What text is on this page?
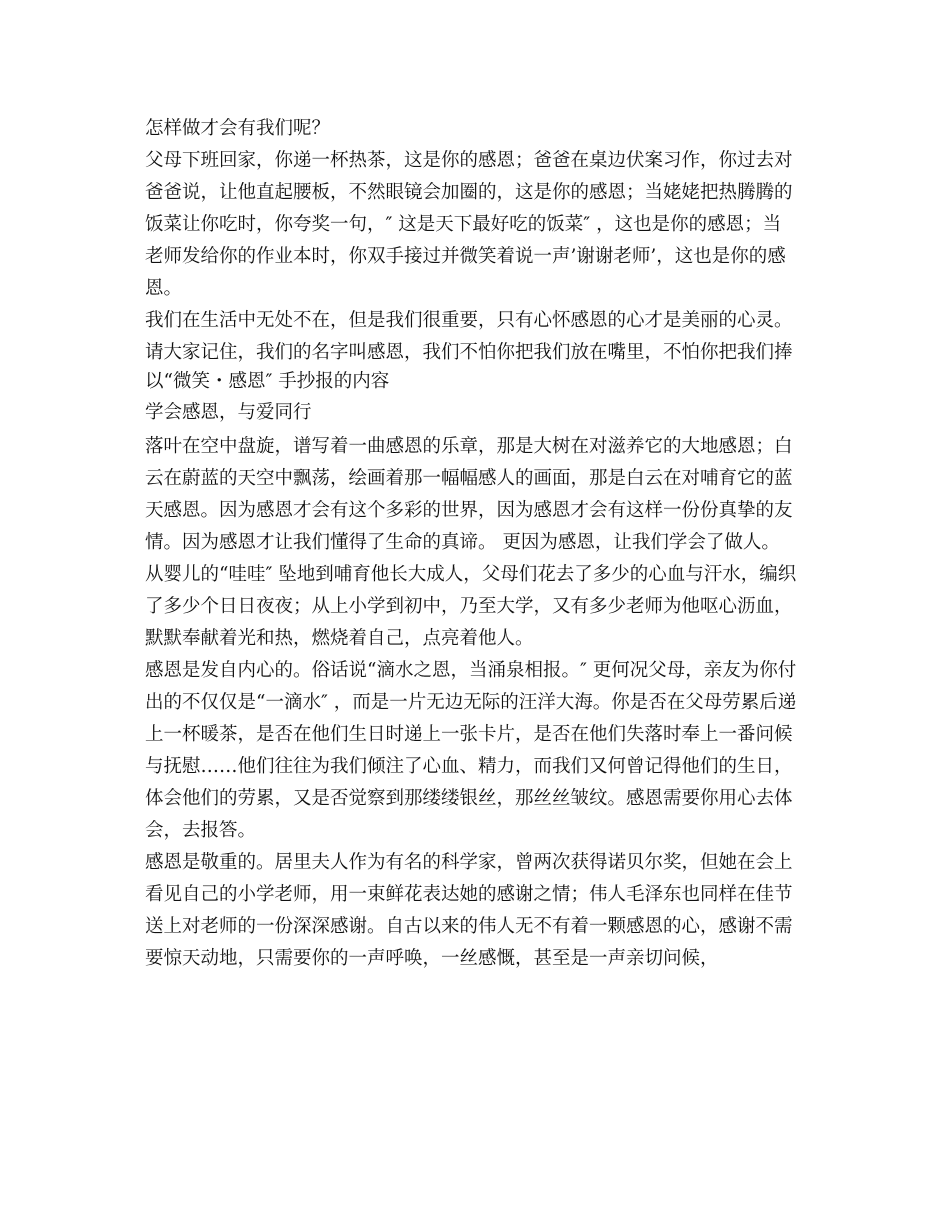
怎样做才会有我们呢？
父母下班回家，你递一杯热茶，这是你的感恩；爸爸在桌边伏案习作，你过去对
爸爸说，让他直起腰板，不然眼镜会加圈的，这是你的感恩；当姥姥把热腾腾的
饭菜让你吃时，你夸奖一句，″ 这是天下最好吃的饭菜″ ，这也是你的感恩；当
老师发给你的作业本时，你双手接过并微笑着说一声’谢谢老师’，这也是你的感
恩。
我们在生活中无处不在，但是我们很重要，只有心怀感恩的心才是美丽的心灵。
请大家记住，我们的名字叫感恩，我们不怕你把我们放在嘴里，不怕你把我们捧
以“微笑・感恩″ 手抄报的内容
学会感恩，与爱同行
落叶在空中盘旋，谱写着一曲感恩的乐章，那是大树在对滋养它的大地感恩；白
云在蔚蓝的天空中飘荡，绘画着那一幅幅感人的画面，那是白云在对哺育它的蓝
天感恩。因为感恩才会有这个多彩的世界，因为感恩才会有这样一份份真挚的友
情。因为感恩才让我们懂得了生命的真谛。 更因为感恩，让我们学会了做人。
从婴儿的“哇哇″ 坠地到哺育他长大成人，父母们花去了多少的心血与汗水，编织
了多少个日日夜夜；从上小学到初中，乃至大学，又有多少老师为他呕心沥血，
默默奉献着光和热，燃烧着自己，点亮着他人。
感恩是发自内心的。俗话说“滴水之恩，当涌泉相报。″ 更何况父母，亲友为你付
出的不仅仅是“一滴水″ ，而是一片无边无际的汪洋大海。你是否在父母劳累后递
上一杯暖茶，是否在他们生日时递上一张卡片，是否在他们失落时奉上一番问候
与抚慰……他们往往为我们倾注了心血、精力，而我们又何曾记得他们的生日，
体会他们的劳累，又是否觉察到那缕缕银丝，那丝丝皱纹。感恩需要你用心去体
会，去报答。
感恩是敬重的。居里夫人作为有名的科学家，曾两次获得诺贝尔奖，但她在会上
看见自己的小学老师，用一束鲜花表达她的感谢之情；伟人毛泽东也同样在佳节
送上对老师的一份深深感谢。自古以来的伟人无不有着一颗感恩的心，感谢不需
要惊天动地，只需要你的一声呼唤，一丝感慨，甚至是一声亲切问候，
